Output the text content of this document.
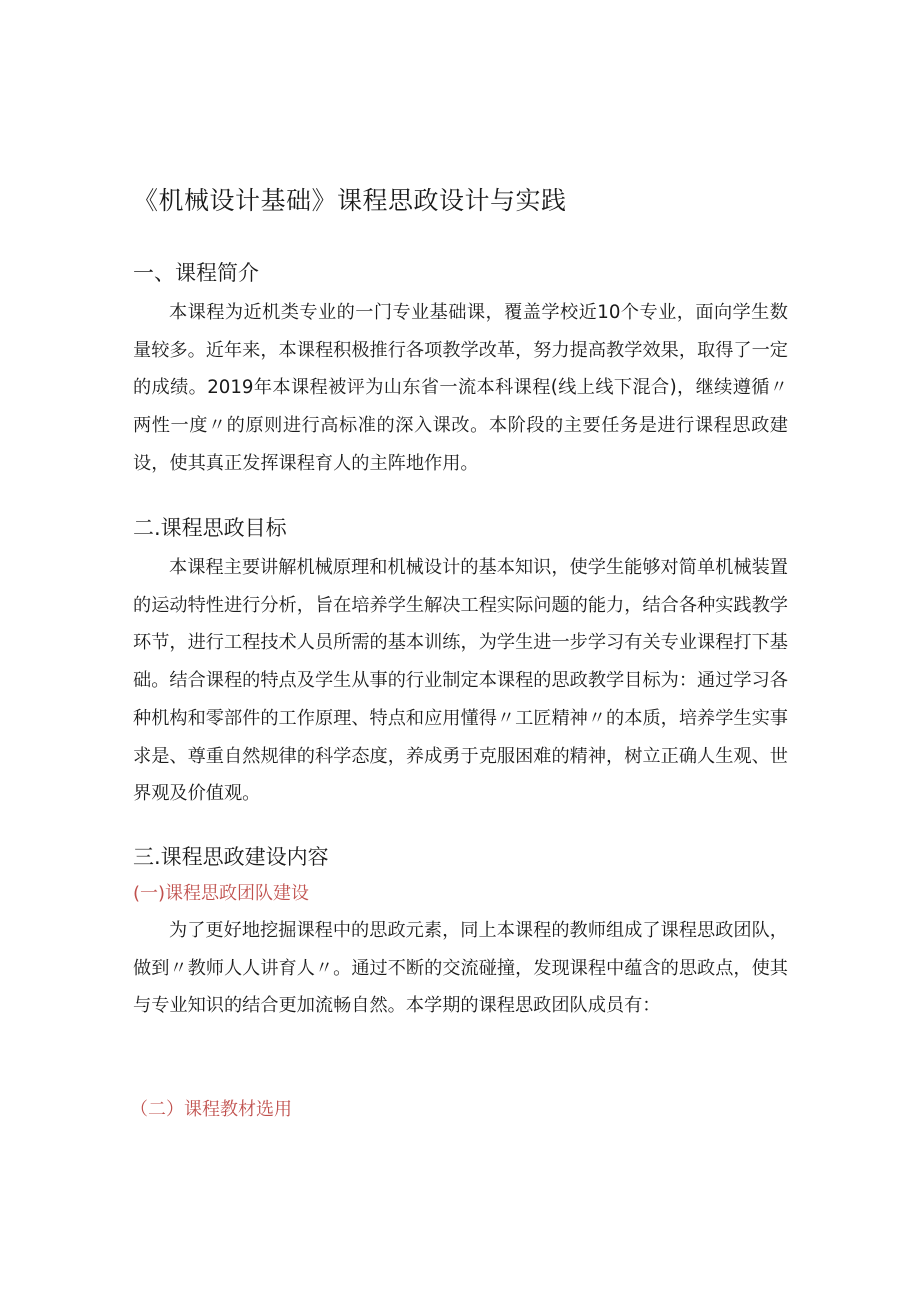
《机械设计基础》课程思政设计与实践
一、课程简介

本课程为近机类专业的一门专业基础课，覆盖学校近10个专业，面向学生数量较多。近年来，本课程积极推行各项教学改革，努力提高教学效果，取得了一定的成绩。2019年本课程被评为山东省一流本科课程(线上线下混合)，继续遵循〃两性一度〃的原则进行高标准的深入课改。本阶段的主要任务是进行课程思政建设，使其真正发挥课程育人的主阵地作用。

二.课程思政目标

本课程主要讲解机械原理和机械设计的基本知识，使学生能够对简单机械装置的运动特性进行分析，旨在培养学生解决工程实际问题的能力，结合各种实践教学环节，进行工程技术人员所需的基本训练，为学生进一步学习有关专业课程打下基础。结合课程的特点及学生从事的行业制定本课程的思政教学目标为：通过学习各种机构和零部件的工作原理、特点和应用懂得〃工匠精神〃的本质，培养学生实事求是、尊重自然规律的科学态度，养成勇于克服困难的精神，树立正确人生观、世界观及价值观。

三.课程思政建设内容
(一)课程思政团队建设

为了更好地挖掘课程中的思政元素，同上本课程的教师组成了课程思政团队，做到〃教师人人讲育人〃。通过不断的交流碰撞，发现课程中蕴含的思政点，使其与专业知识的结合更加流畅自然。本学期的课程思政团队成员有：

（二）课程教材选用
